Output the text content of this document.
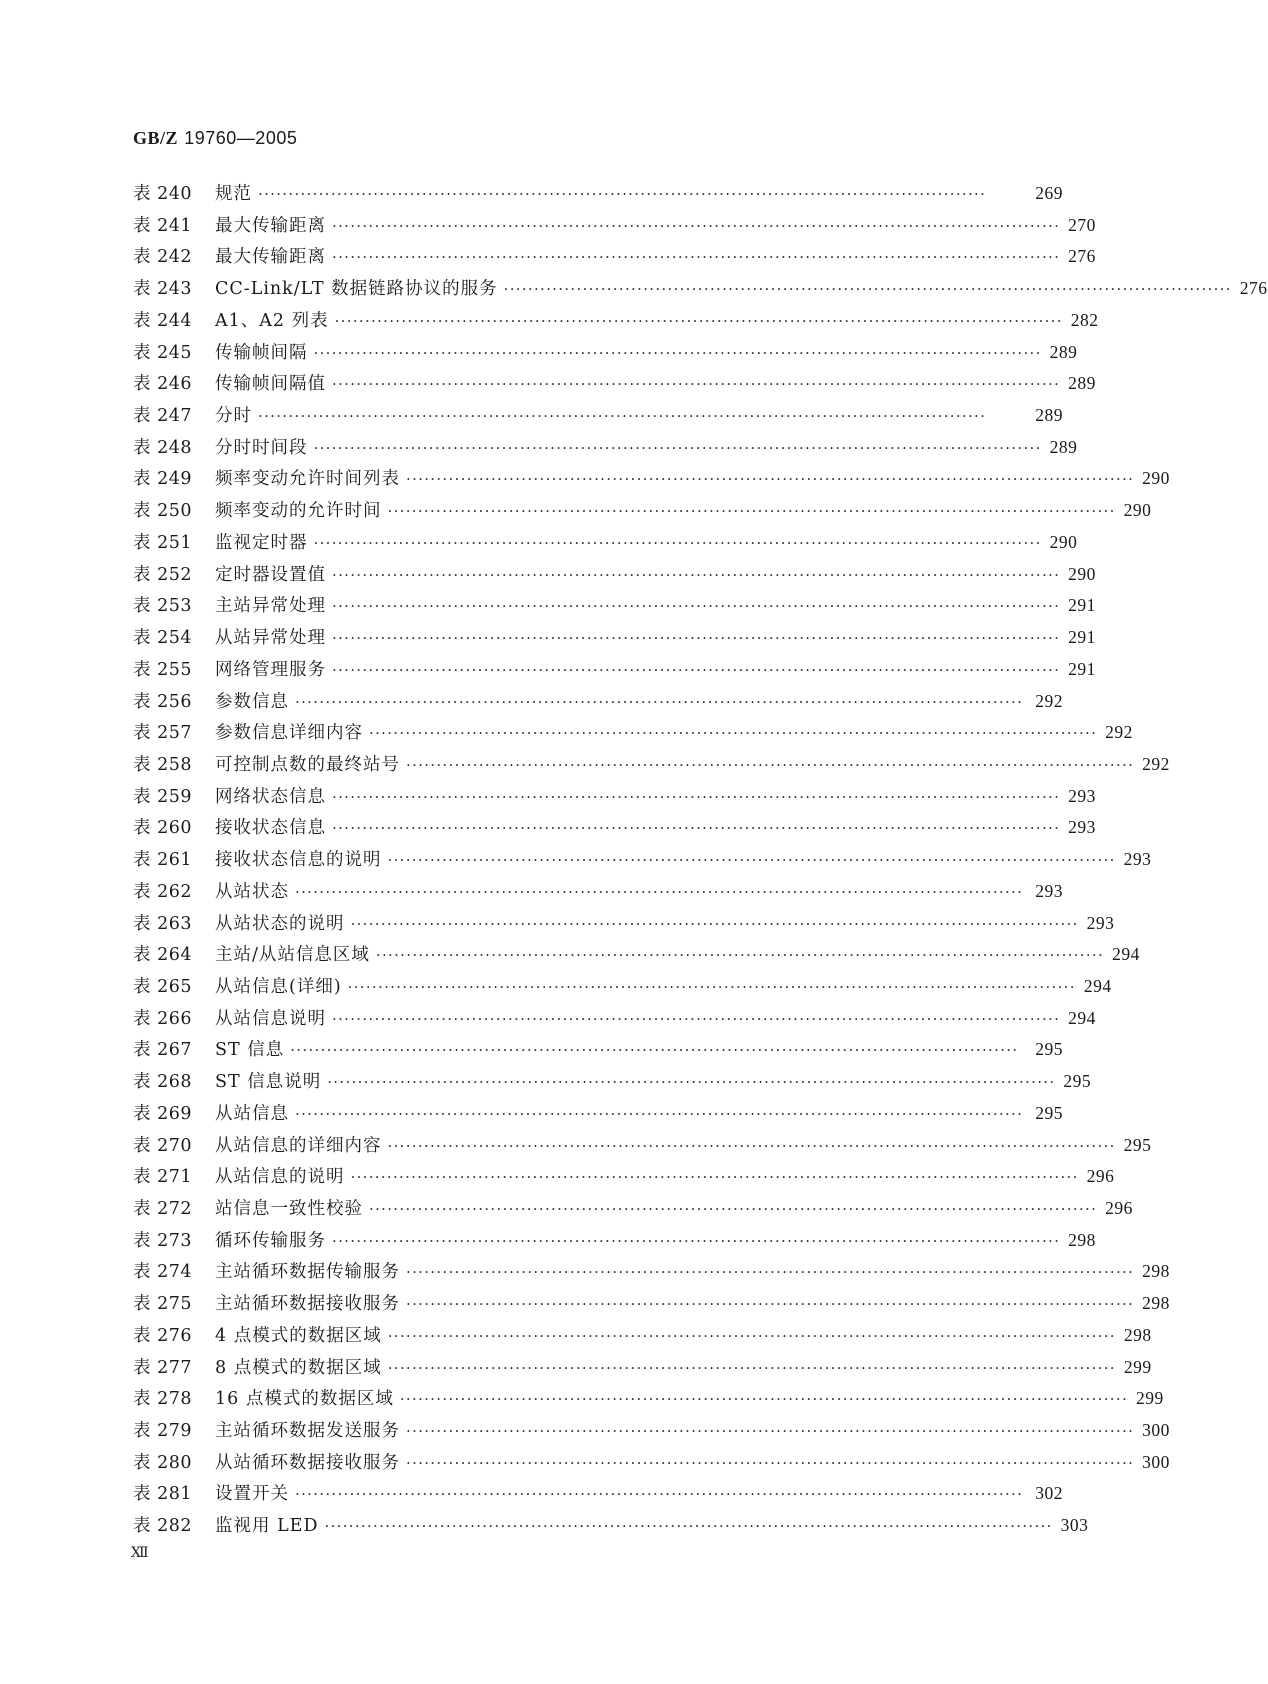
GB/Z 19760—2005
表 240	规范 ························································································································	269
表 241	最大传输距离 ························································································································ 270
表 242	最大传输距离 ························································································································ 276
表 243	CC-Link/LT 数据链路协议的服务 ························································································································ 276
表 244	A1、A2 列表 ························································································································ 282
表 245	传输帧间隔 ························································································································ 289
表 246	传输帧间隔值 ························································································································ 289
表 247	分时 ························································································································	289
表 248	分时时间段 ························································································································ 289
表 249	频率变动允许时间列表 ························································································································ 290
表 250	频率变动的允许时间 ························································································································ 290
表 251	监视定时器 ························································································································ 290
表 252	定时器设置值 ························································································································ 290
表 253	主站异常处理 ························································································································ 291
表 254	从站异常处理 ························································································································ 291
表 255	网络管理服务 ························································································································ 291
表 256	参数信息 ························································································································ 292
表 257	参数信息详细内容 ························································································································ 292
表 258	可控制点数的最终站号 ························································································································ 292
表 259	网络状态信息 ························································································································ 293
表 260	接收状态信息 ························································································································ 293
表 261	接收状态信息的说明 ························································································································ 293
表 262	从站状态 ························································································································ 293
表 263	从站状态的说明 ························································································································ 293
表 264	主站/从站信息区域 ························································································································ 294
表 265	从站信息(详细) ························································································································ 294
表 266	从站信息说明 ························································································································ 294
表 267	ST 信息 ························································································································ 295
表 268	ST 信息说明 ························································································································ 295
表 269	从站信息 ························································································································ 295
表 270	从站信息的详细内容 ························································································································ 295
表 271	从站信息的说明 ························································································································ 296
表 272	站信息一致性校验 ························································································································ 296
表 273	循环传输服务 ························································································································ 298
表 274	主站循环数据传输服务 ························································································································ 298
表 275	主站循环数据接收服务 ························································································································ 298
表 276	4 点模式的数据区域 ························································································································ 298
表 277	8 点模式的数据区域 ························································································································ 299
表 278	16 点模式的数据区域 ························································································································ 299
表 279	主站循环数据发送服务 ························································································································ 300
表 280	从站循环数据接收服务 ························································································································ 300
表 281	设置开关 ························································································································ 302
表 282	监视用 LED ························································································································ 303
Ⅻ
